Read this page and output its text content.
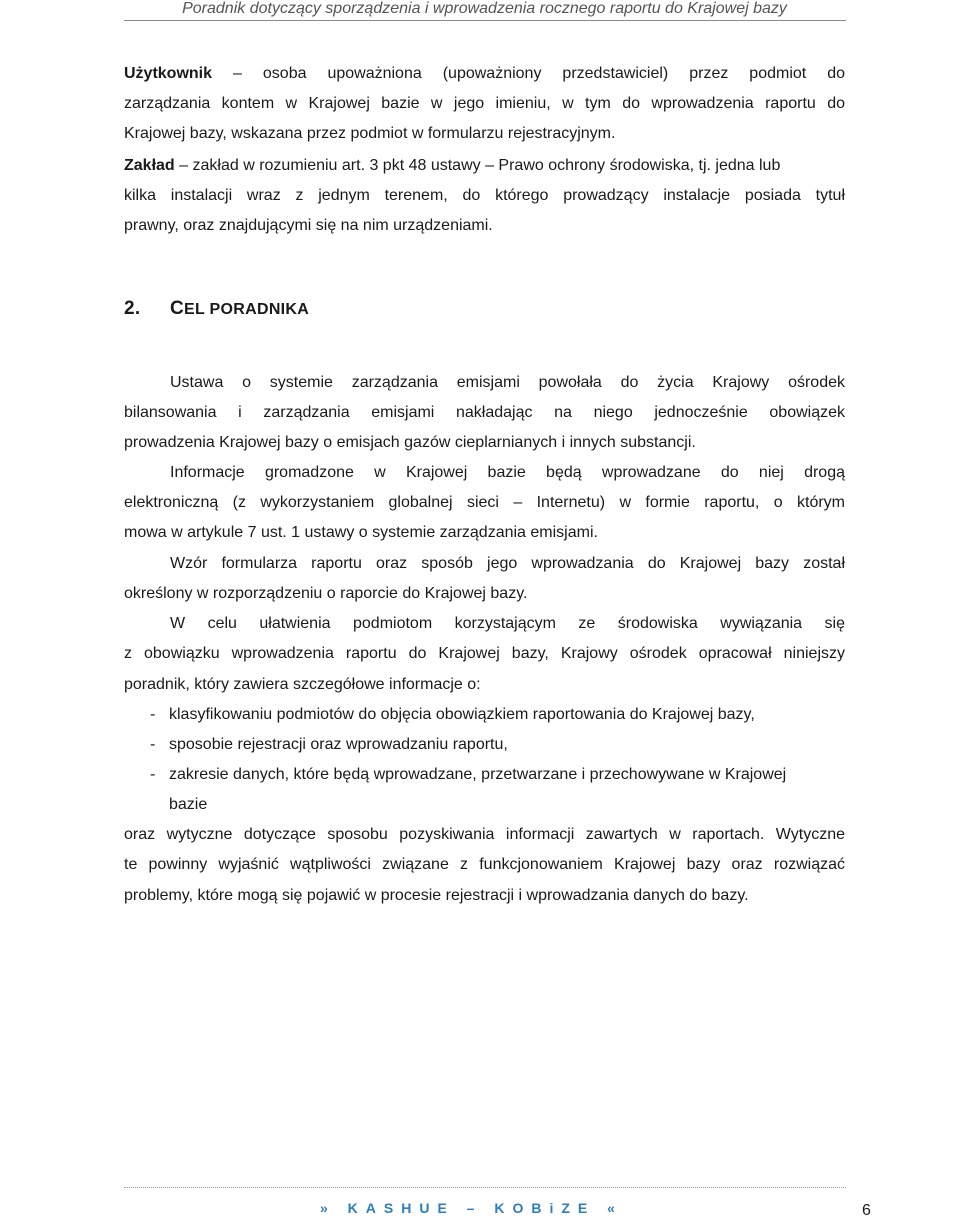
Poradnik dotyczący sporządzenia i wprowadzenia rocznego raportu do Krajowej bazy
Użytkownik – osoba upoważniona (upoważniony przedstawiciel) przez podmiot do
zarządzania kontem w Krajowej bazie w jego imieniu, w tym do wprowadzenia raportu do
Krajowej bazy, wskazana przez podmiot w formularzu rejestracyjnym.
Zakład – zakład w rozumieniu art. 3 pkt 48 ustawy – Prawo ochrony środowiska, tj. jedna lub
kilka instalacji wraz z jednym terenem, do którego prowadzący instalacje posiada tytuł
prawny, oraz znajdującymi się na nim urządzeniami.
2. CEL PORADNIKA
Ustawa o systemie zarządzania emisjami powołała do życia Krajowy ośrodek
bilansowania i zarządzania emisjami nakładając na niego jednocześnie obowiązek
prowadzenia Krajowej bazy o emisjach gazów cieplarnianych i innych substancji.
Informacje gromadzone w Krajowej bazie będą wprowadzane do niej drogą
elektroniczną (z wykorzystaniem globalnej sieci – Internetu) w formie raportu, o którym
mowa w artykule 7 ust. 1 ustawy o systemie zarządzania emisjami.
Wzór formularza raportu oraz sposób jego wprowadzania do Krajowej bazy został
określony w rozporządzeniu o raporcie do Krajowej bazy.
W celu ułatwienia podmiotom korzystającym ze środowiska wywiązania się
z obowiązku wprowadzenia raportu do Krajowej bazy, Krajowy ośrodek opracował niniejszy
poradnik, który zawiera szczegółowe informacje o:
- klasyfikowaniu podmiotów do objęcia obowiązkiem raportowania do Krajowej bazy,
- sposobie rejestracji oraz wprowadzaniu raportu,
- zakresie danych, które będą wprowadzane, przetwarzane i przechowywane w Krajowej
bazie
oraz wytyczne dotyczące sposobu pozyskiwania informacji zawartych w raportach. Wytyczne
te powinny wyjaśnić wątpliwości związane z funkcjonowaniem Krajowej bazy oraz rozwiązać
problemy, które mogą się pojawić w procesie rejestracji i wprowadzania danych do bazy.
» KASHUE – KOBiZE «	6
